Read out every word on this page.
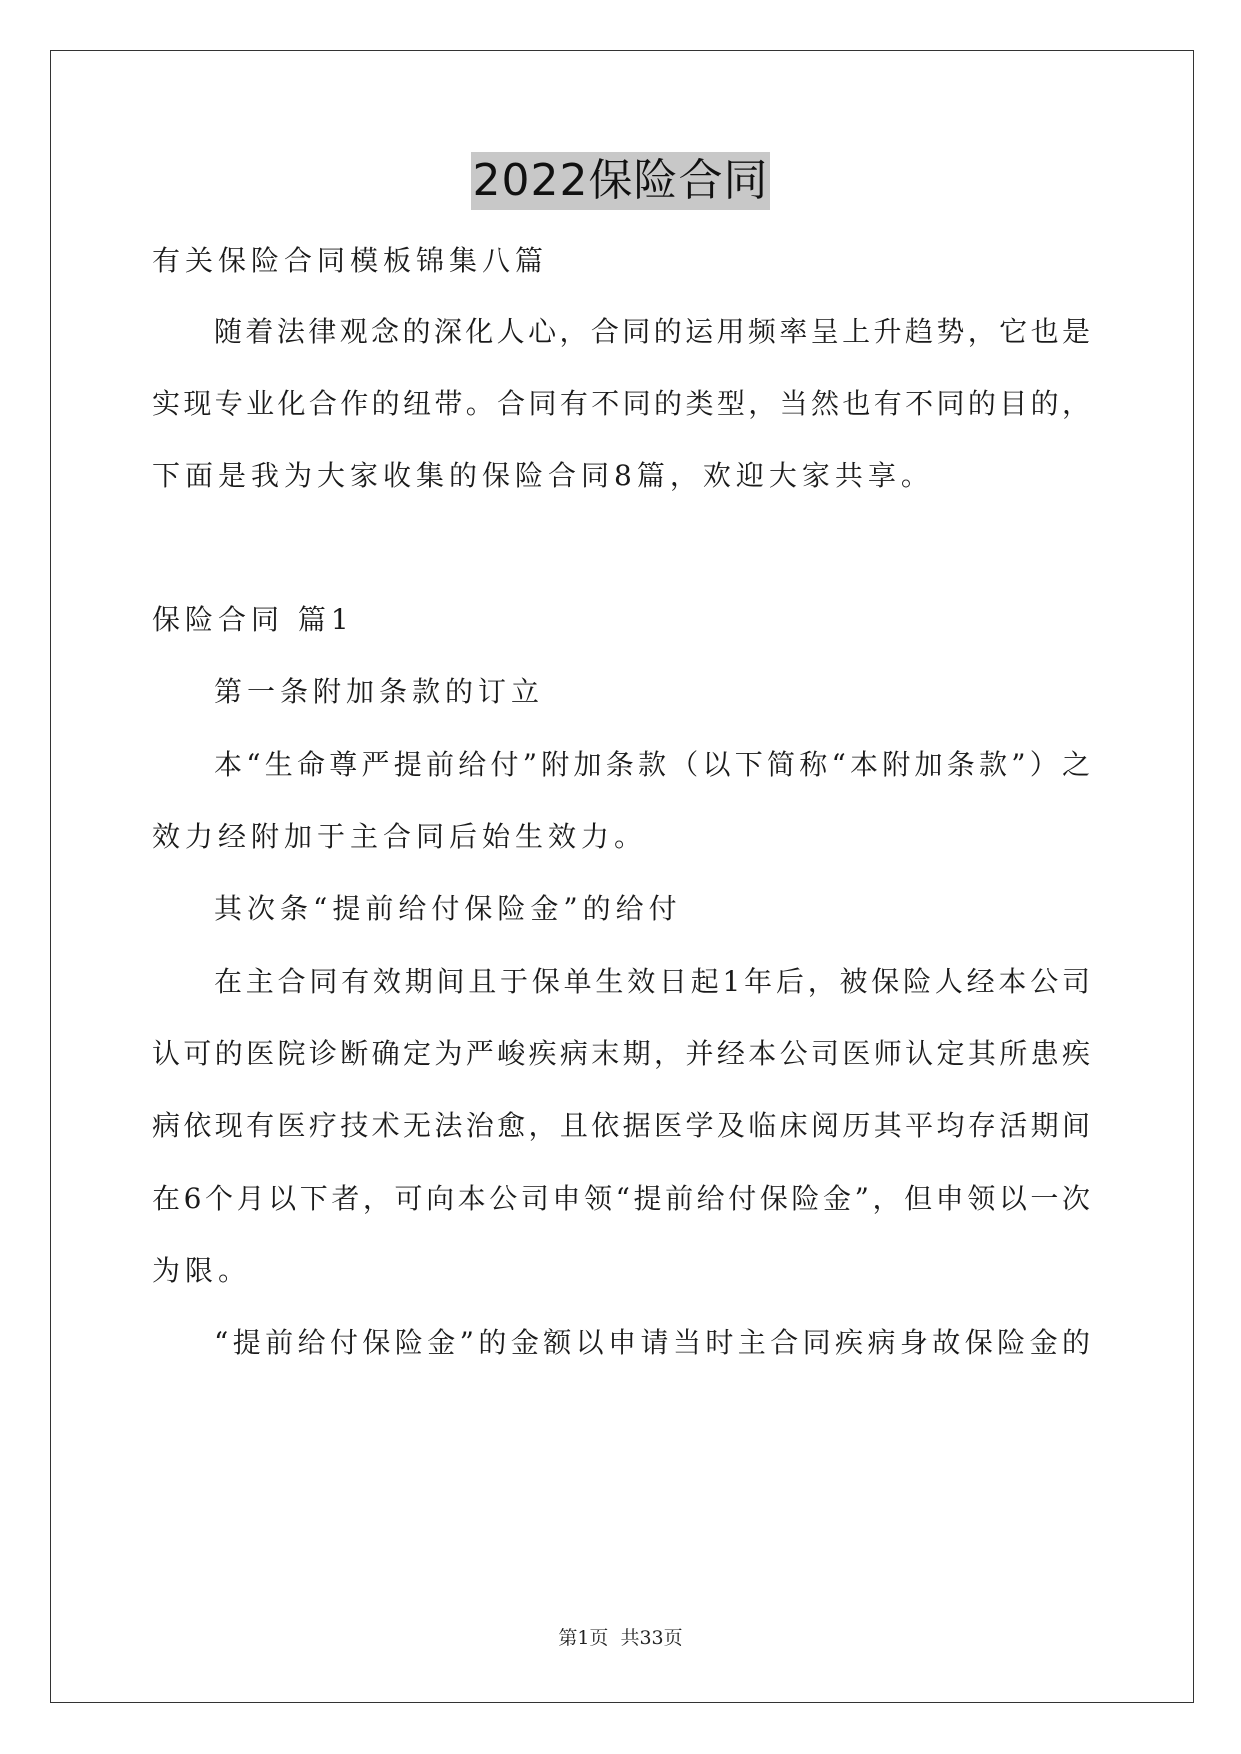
2022保险合同
有关保险合同模板锦集八篇
随着法律观念的深化人心，合同的运用频率呈上升趋势，它也是
实现专业化合作的纽带。合同有不同的类型，当然也有不同的目的，
下面是我为大家收集的保险合同8篇，欢迎大家共享。
保险合同 篇1
第一条附加条款的订立
本“生命尊严提前给付”附加条款（以下简称“本附加条款”）之
效力经附加于主合同后始生效力。
其次条“提前给付保险金”的给付
在主合同有效期间且于保单生效日起1年后，被保险人经本公司
认可的医院诊断确定为严峻疾病末期，并经本公司医师认定其所患疾
病依现有医疗技术无法治愈，且依据医学及临床阅历其平均存活期间
在6个月以下者，可向本公司申领“提前给付保险金”，但申领以一次
为限。
“提前给付保险金”的金额以申请当时主合同疾病身故保险金的
第1页 共33页
